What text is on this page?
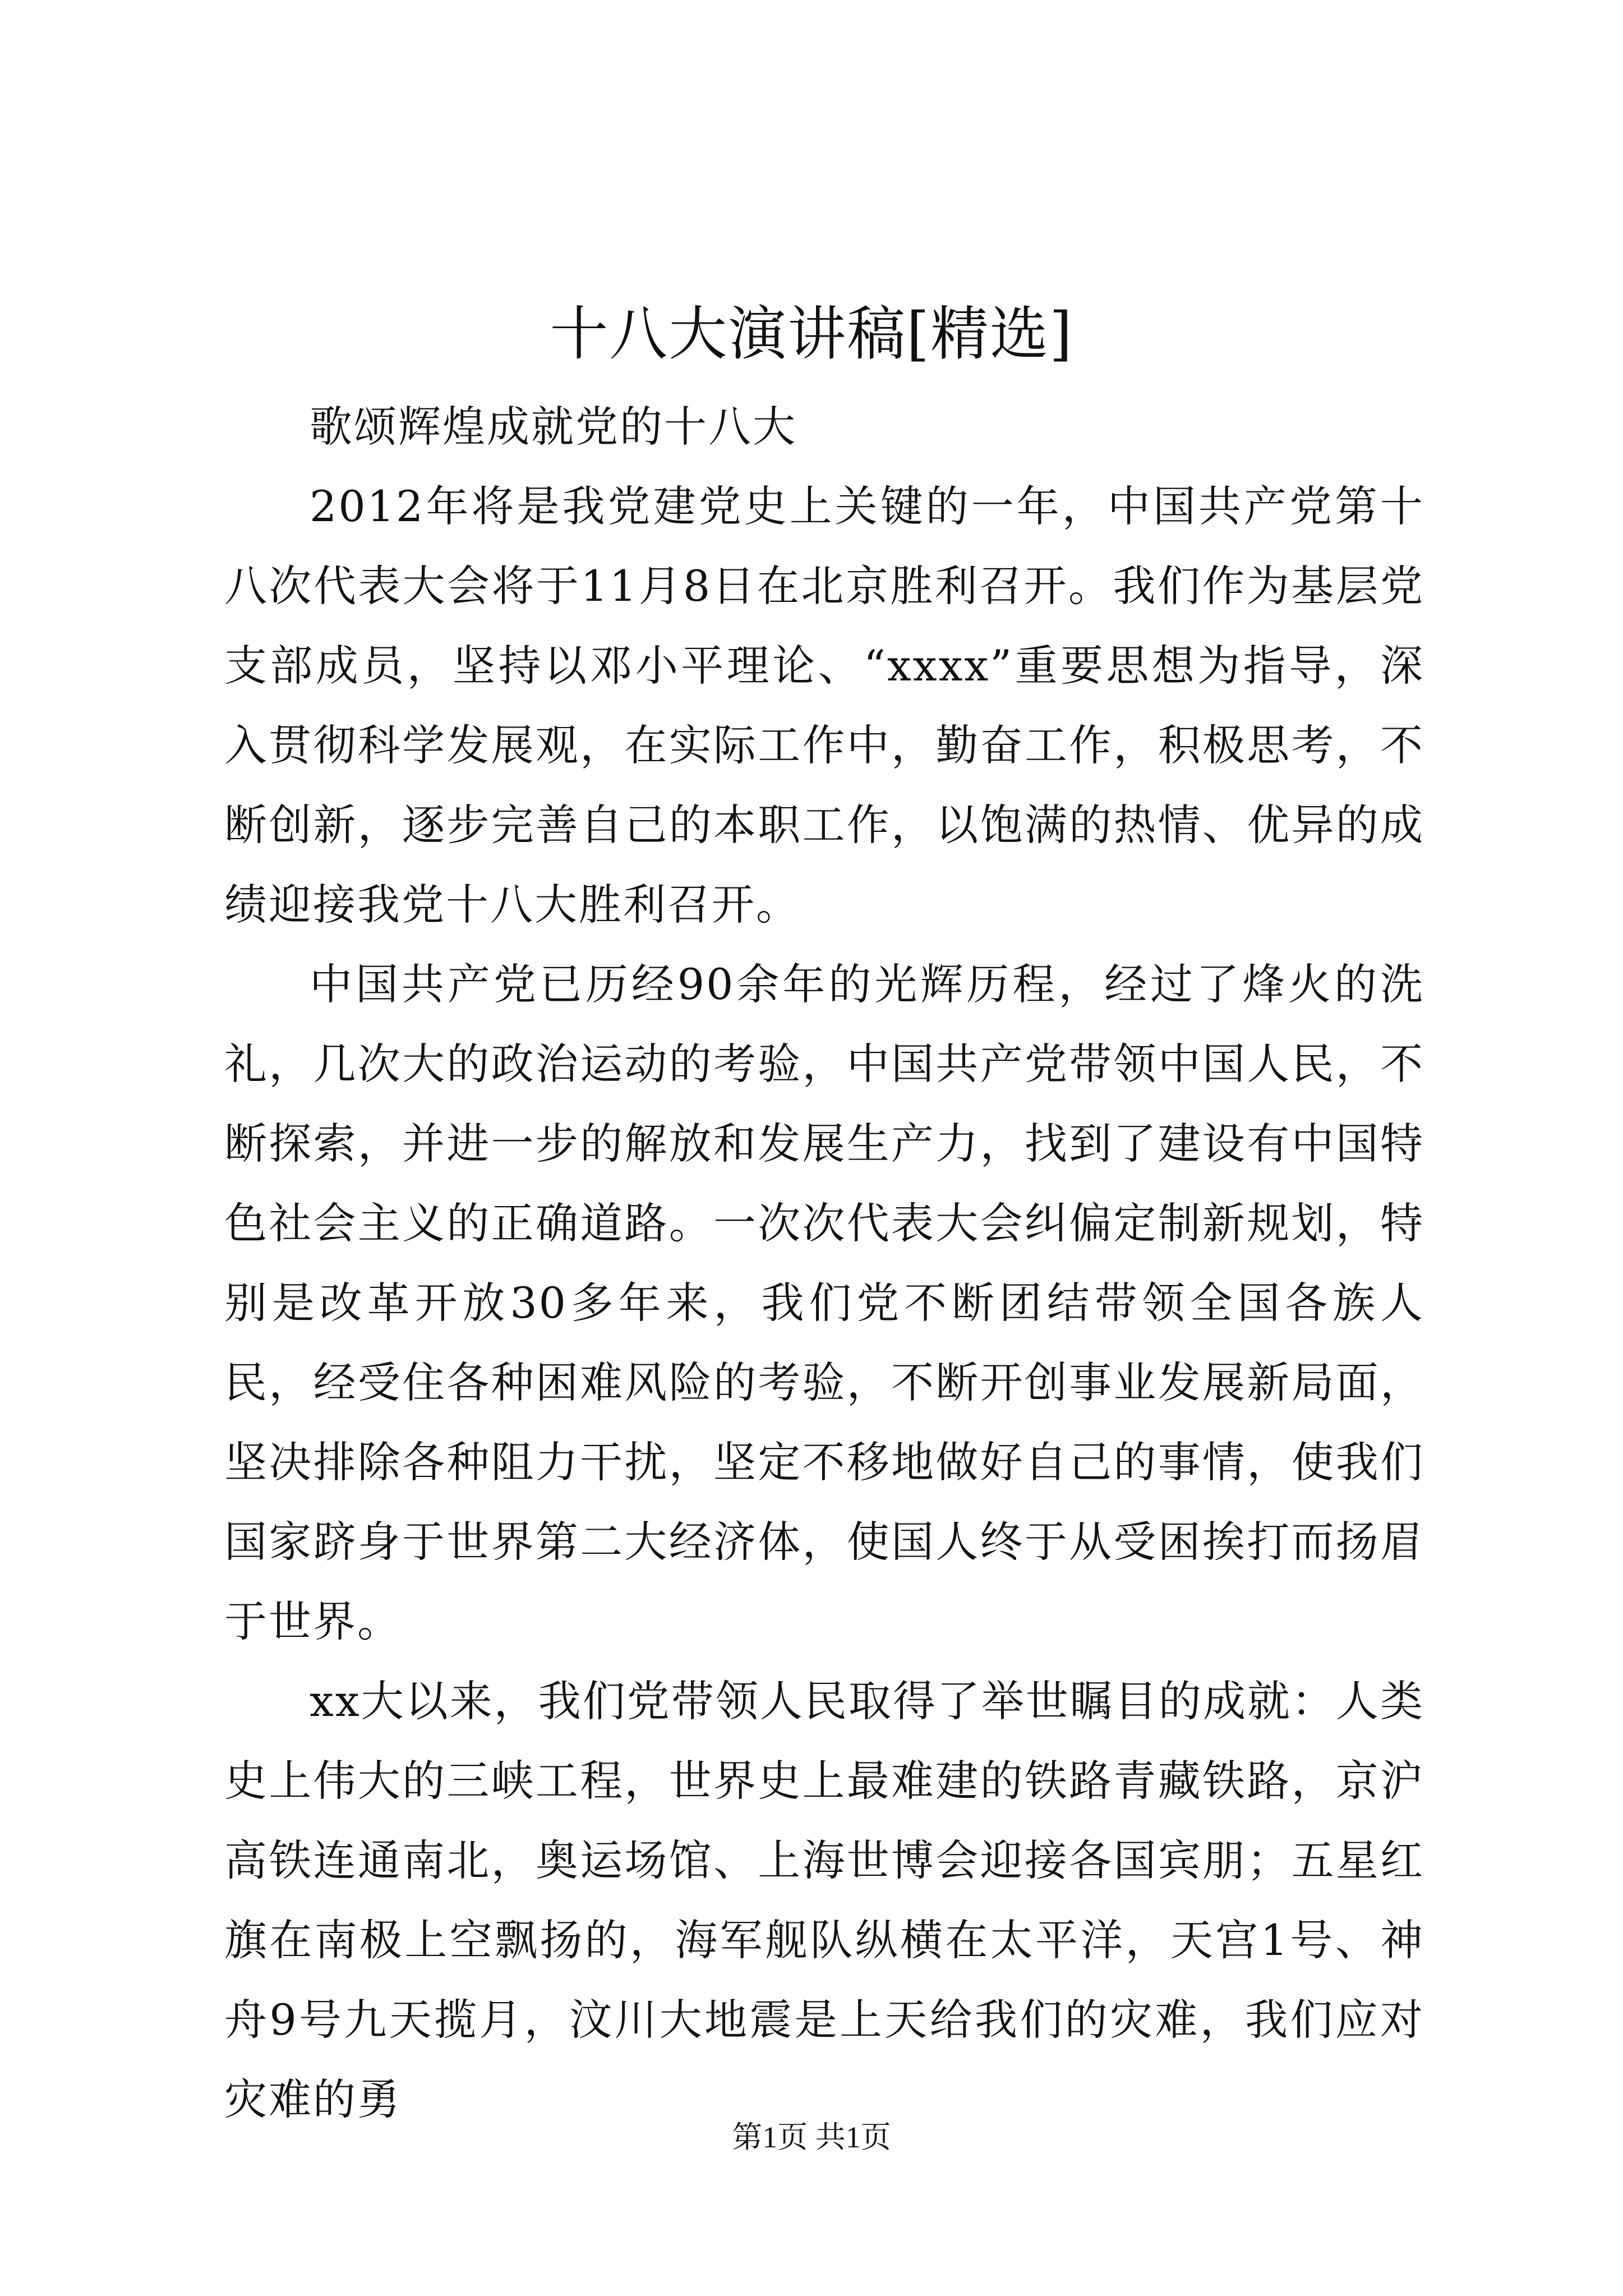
十八大演讲稿[精选]

歌颂辉煌成就党的十八大

2012年将是我党建党史上关键的一年，中国共产党第十八次代表大会将于11月8日在北京胜利召开。我们作为基层党支部成员，坚持以邓小平理论、“xxxx”重要思想为指导，深入贯彻科学发展观，在实际工作中，勤奋工作，积极思考，不断创新，逐步完善自己的本职工作，以饱满的热情、优异的成绩迎接我党十八大胜利召开。

中国共产党已历经90余年的光辉历程，经过了烽火的洗礼，几次大的政治运动的考验，中国共产党带领中国人民，不断探索，并进一步的解放和发展生产力，找到了建设有中国特色社会主义的正确道路。一次次代表大会纠偏定制新规划，特别是改革开放30多年来，我们党不断团结带领全国各族人民，经受住各种困难风险的考验，不断开创事业发展新局面，坚决排除各种阻力干扰，坚定不移地做好自己的事情，使我们国家跻身于世界第二大经济体，使国人终于从受困挨打而扬眉于世界。

xx大以来，我们党带领人民取得了举世瞩目的成就：人类史上伟大的三峡工程，世界史上最难建的铁路青藏铁路，京沪高铁连通南北，奥运场馆、上海世博会迎接各国宾朋；五星红旗在南极上空飘扬的，海军舰队纵横在太平洋，天宫1号、神舟9号九天揽月，汶川大地震是上天给我们的灾难，我们应对灾难的勇

第1页 共1页
